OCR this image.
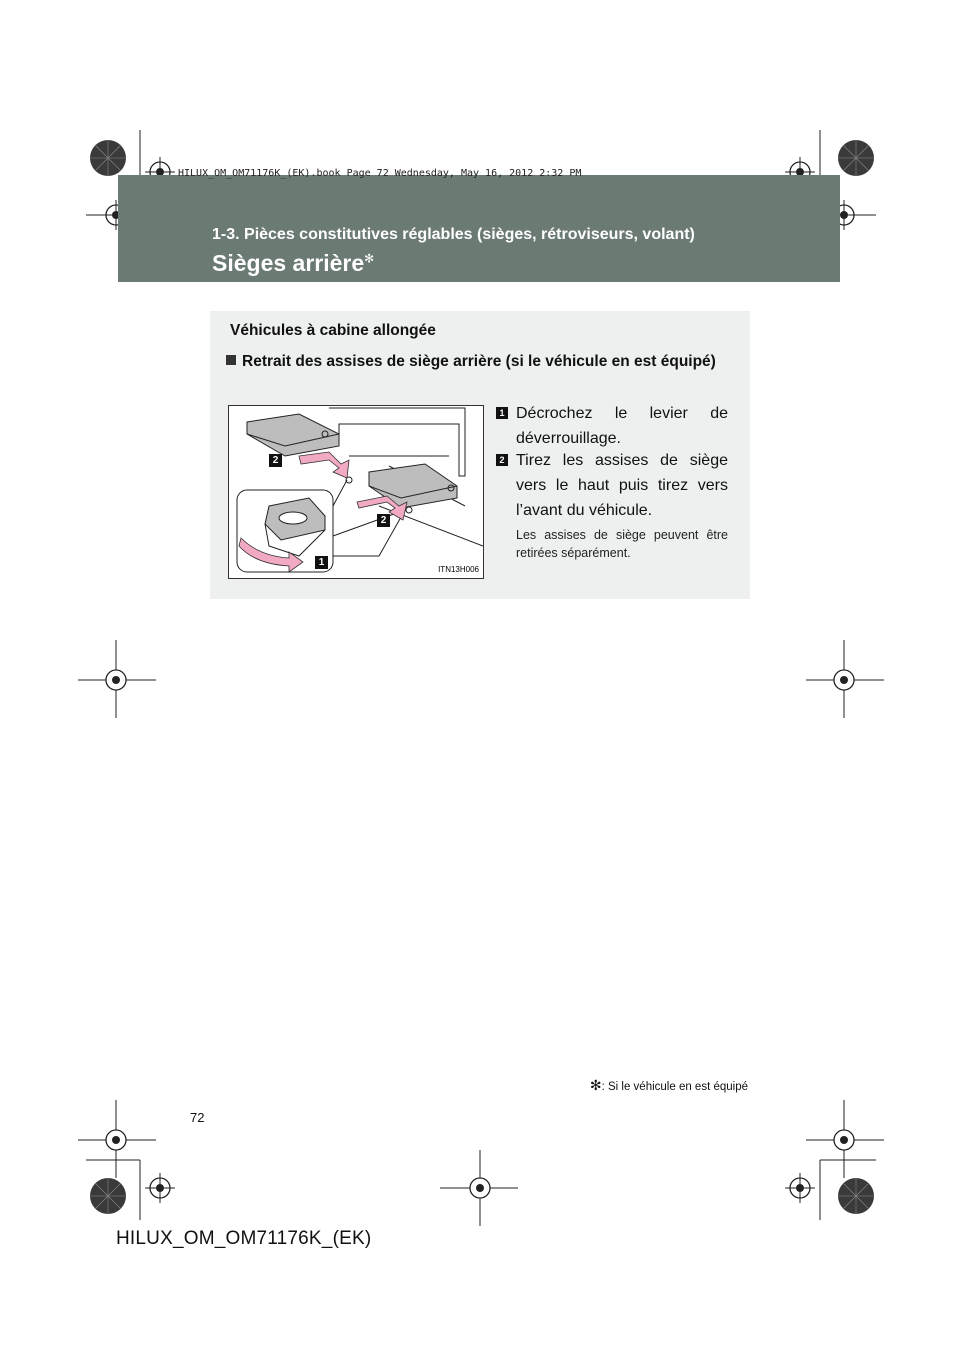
HILUX_OM_OM71176K_(EK).book Page 72 Wednesday, May 16, 2012 2:32 PM
1-3. Pièces constitutives réglables (sièges, rétroviseurs, volant)
Sièges arrière✻
Véhicules à cabine allongée
Retrait des assises de siège arrière (si le véhicule en est équipé)
2
2
1
ITN13H006
1 Décrochez le levier de déverrouillage.
2 Tirez les assises de siège vers le haut puis tirez vers l’avant du véhicule.
Les assises de siège peuvent être retirées séparément.
✻: Si le véhicule en est équipé
72
HILUX_OM_OM71176K_(EK)
